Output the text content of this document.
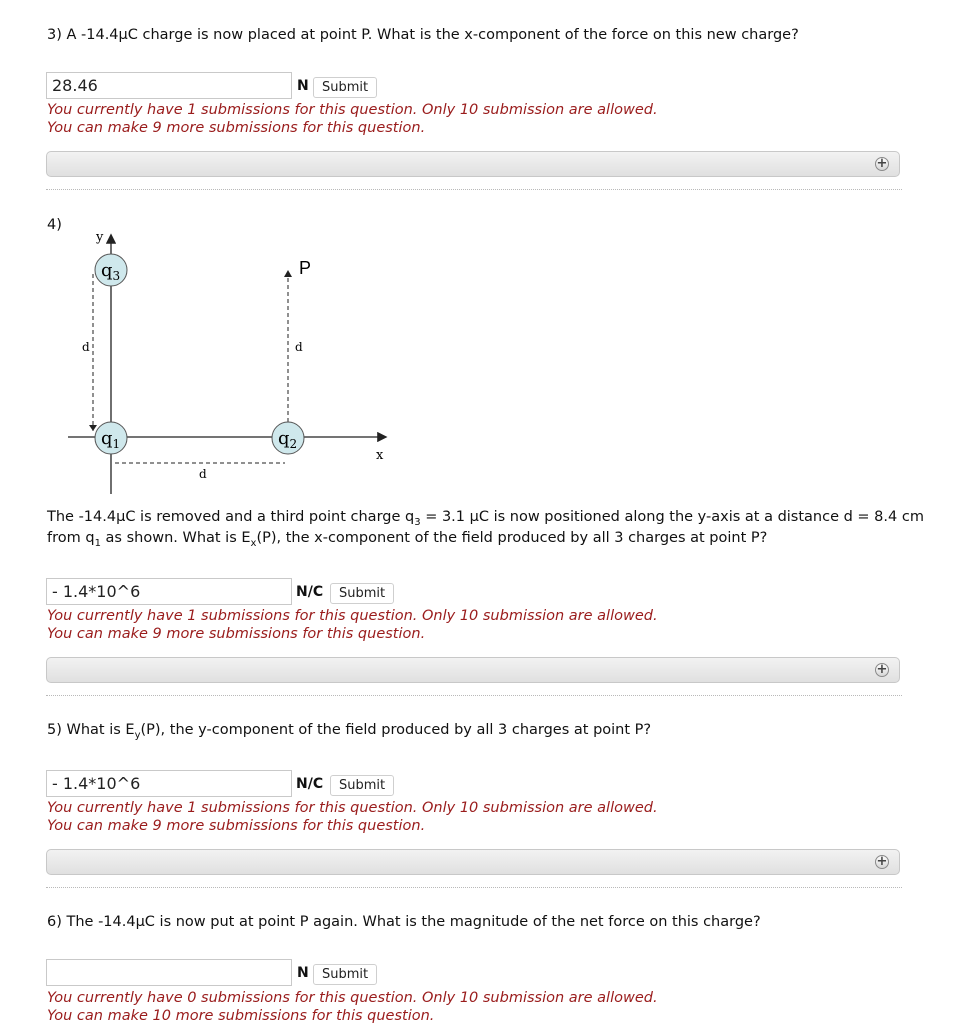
3) A -14.4μC charge is now placed at point P. What is the x-component of the force on this new charge?
28.46
N	Submit
You currently have 1 submissions for this question. Only 10 submission are allowed.
You can make 9 more submissions for this question.
+
4)
y
x
P
d	d
d
$q_3$
$q_1$	$q_2$
The -14.4μC is removed and a third point charge $q_3 = 3.1$ μC is now positioned along the y-axis at a distance d = 8.4 cm
from $q_1$ as shown. What is $E_x(P)$, the x-component of the field produced by all 3 charges at point P?
- 1.4*10^6
N/C	Submit
You currently have 1 submissions for this question. Only 10 submission are allowed.
You can make 9 more submissions for this question.
+
5) What is $E_y(P)$, the y-component of the field produced by all 3 charges at point P?
- 1.4*10^6
N/C	Submit
You currently have 1 submissions for this question. Only 10 submission are allowed.
You can make 9 more submissions for this question.
+
6) The -14.4μC is now put at point P again. What is the magnitude of the net force on this charge?
N	Submit
You currently have 0 submissions for this question. Only 10 submission are allowed.
You can make 10 more submissions for this question.
